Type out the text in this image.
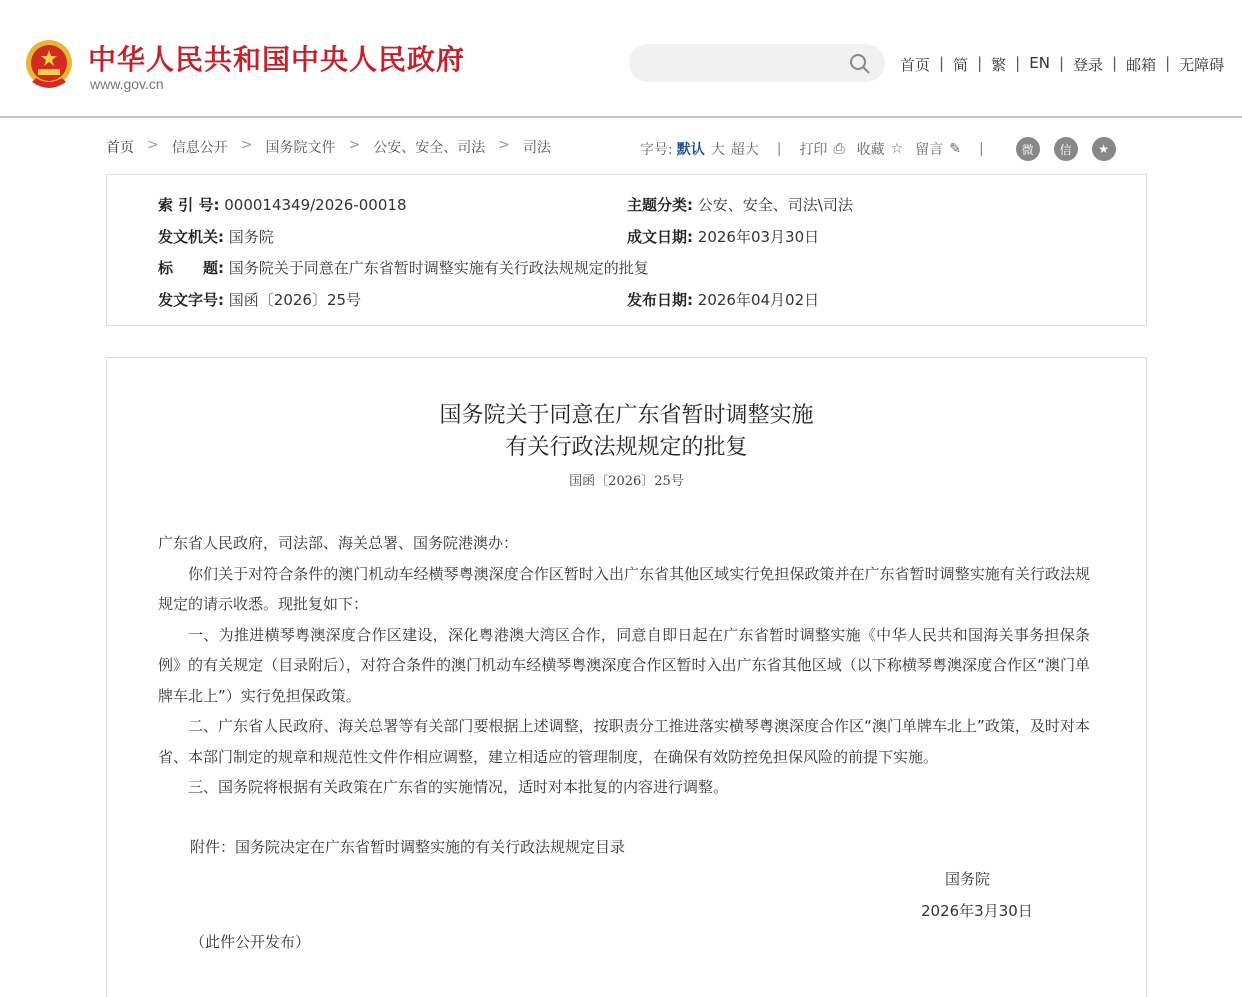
中华人民共和国中央人民政府
www.gov.cn
首页 | 简 | 繁 | EN | 登录 | 邮箱 | 无障碍
首页 > 信息公开 > 国务院文件 > 公安、安全、司法 > 司法	字号: 默认 大 超大 | 打印 ⎙ 收藏 ☆ 留言 ✎ |	微	信	★
索 引 号: 000014349/2026-00018	主题分类: 公安、安全、司法\司法
发文机关: 国务院	成文日期: 2026年03月30日
标　　题: 国务院关于同意在广东省暂时调整实施有关行政法规规定的批复
发文字号: 国函〔2026〕25号	发布日期: 2026年04月02日
国务院关于同意在广东省暂时调整实施
有关行政法规规定的批复
国函〔2026〕25号

广东省人民政府，司法部、海关总署、国务院港澳办：

你们关于对符合条件的澳门机动车经横琴粤澳深度合作区暂时入出广东省其他区域实行免担保政策并在广东省暂时调整实施有关行政法规规定的请示收悉。现批复如下：

一、为推进横琴粤澳深度合作区建设，深化粤港澳大湾区合作，同意自即日起在广东省暂时调整实施《中华人民共和国海关事务担保条例》的有关规定（目录附后），对符合条件的澳门机动车经横琴粤澳深度合作区暂时入出广东省其他区域（以下称横琴粤澳深度合作区“澳门单牌车北上”）实行免担保政策。

二、广东省人民政府、海关总署等有关部门要根据上述调整，按职责分工推进落实横琴粤澳深度合作区“澳门单牌车北上”政策，及时对本省、本部门制定的规章和规范性文件作相应调整，建立相适应的管理制度，在确保有效防控免担保风险的前提下实施。

三、国务院将根据有关政策在广东省的实施情况，适时对本批复的内容进行调整。

附件：国务院决定在广东省暂时调整实施的有关行政法规规定目录
国务院
2026年3月30日
（此件公开发布）
